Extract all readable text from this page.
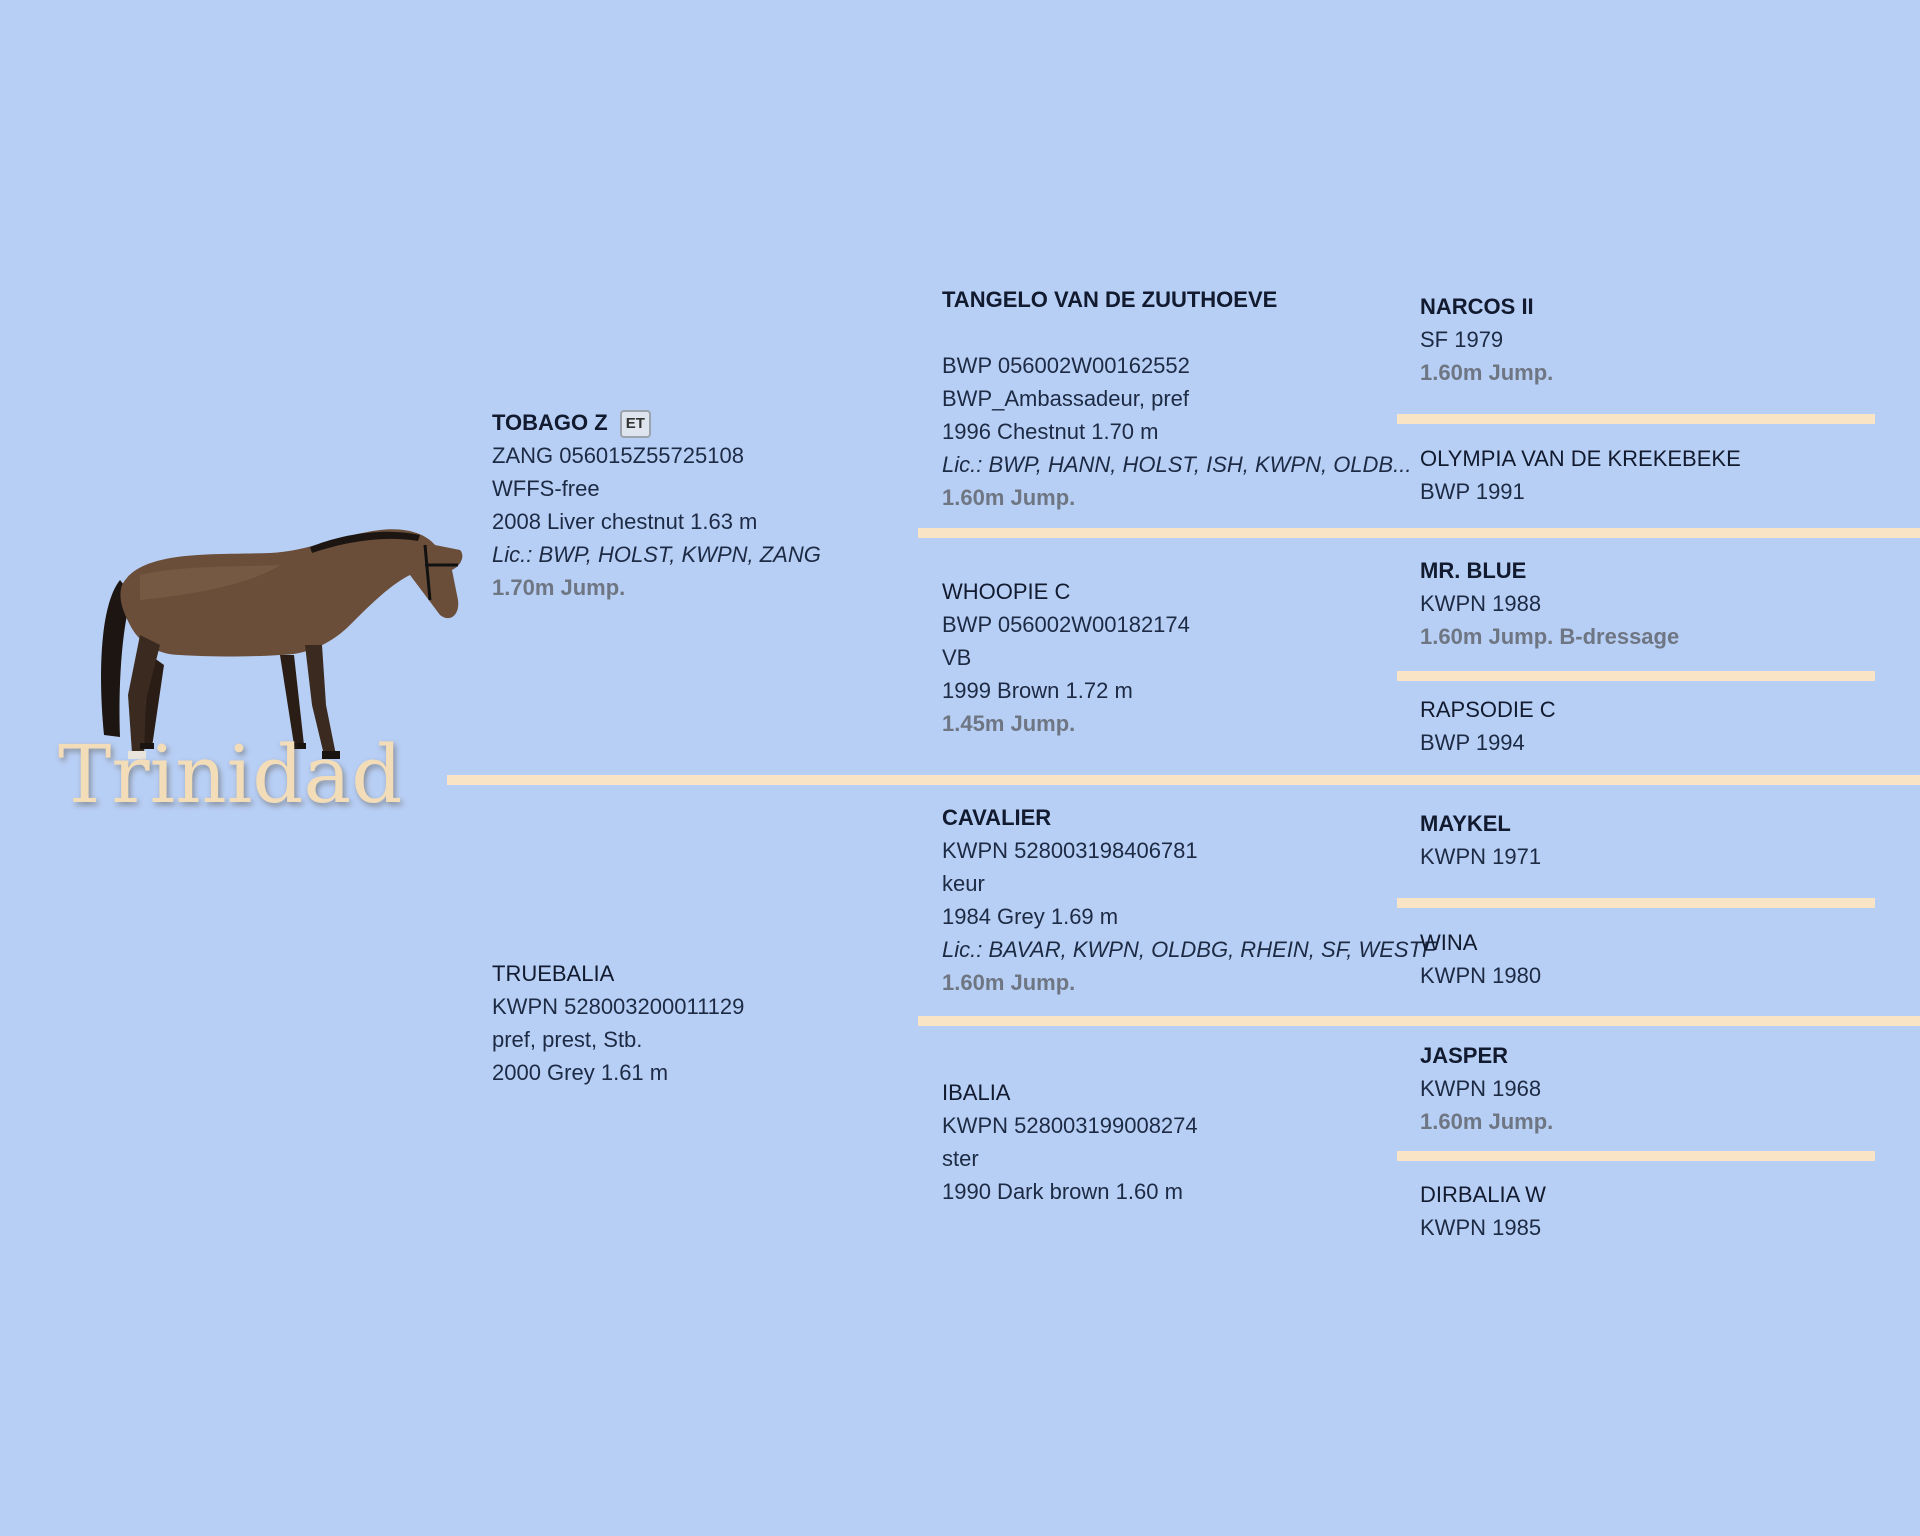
Trinidad
TOBAGO Z ET
ZANG 056015Z55725108
WFFS-free
2008 Liver chestnut 1.63 m
Lic.: BWP, HOLST, KWPN, ZANG
1.70m Jump.
TRUEBALIA
KWPN 528003200011129
pref, prest, Stb.
2000 Grey 1.61 m
TANGELO VAN DE ZUUTHOEVE
BWP 056002W00162552
BWP_Ambassadeur, pref
1996 Chestnut 1.70 m
Lic.: BWP, HANN, HOLST, ISH, KWPN, OLDB...
1.60m Jump.
WHOOPIE C
BWP 056002W00182174
VB
1999 Brown 1.72 m
1.45m Jump.
CAVALIER
KWPN 528003198406781
keur
1984 Grey 1.69 m
Lic.: BAVAR, KWPN, OLDBG, RHEIN, SF, WESTF
1.60m Jump.
IBALIA
KWPN 528003199008274
ster
1990 Dark brown 1.60 m
NARCOS II
SF 1979
1.60m Jump.
OLYMPIA VAN DE KREKEBEKE
BWP 1991
MR. BLUE
KWPN 1988
1.60m Jump. B-dressage
RAPSODIE C
BWP 1994
MAYKEL
KWPN 1971
WINA
KWPN 1980
JASPER
KWPN 1968
1.60m Jump.
DIRBALIA W
KWPN 1985
